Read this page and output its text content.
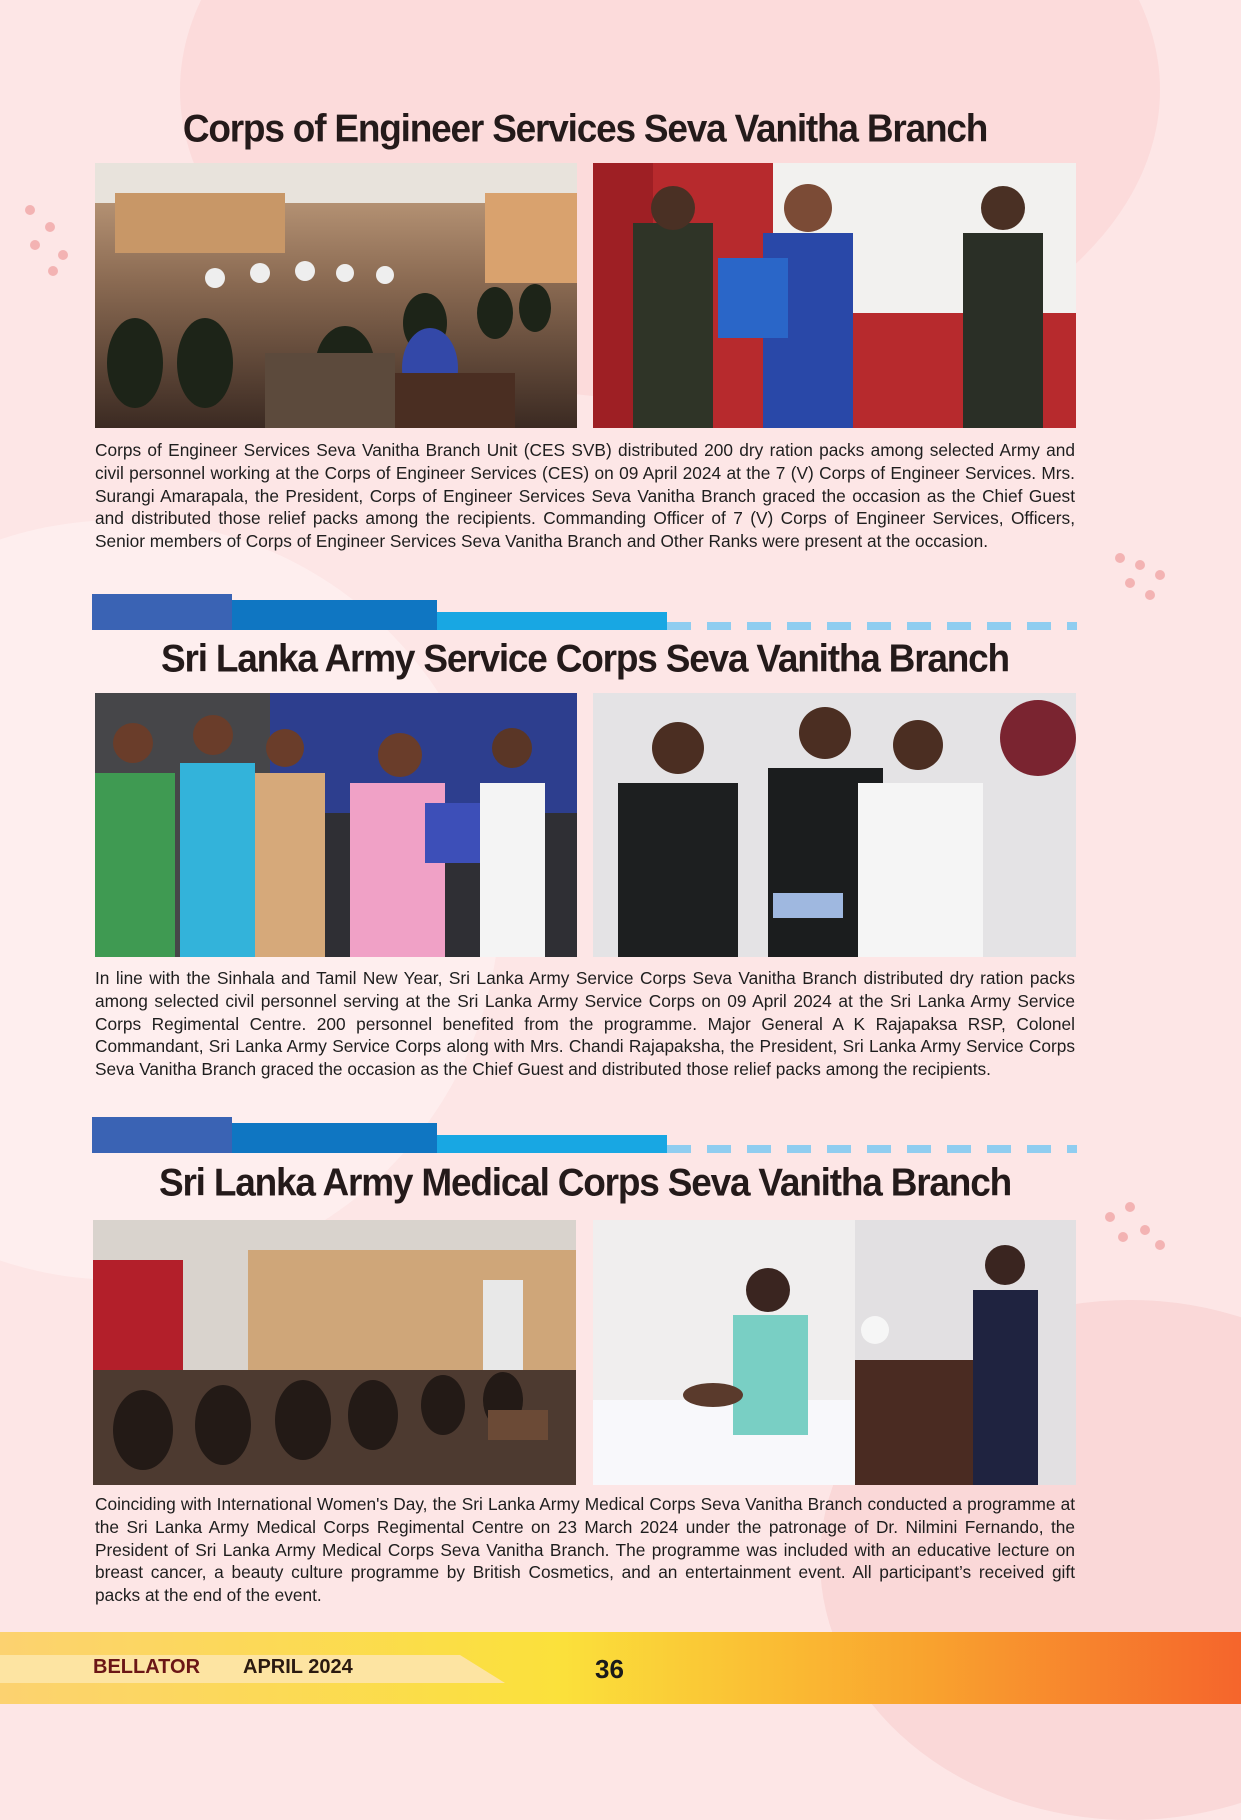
Corps of Engineer Services Seva Vanitha Branch

Corps of Engineer Services Seva Vanitha Branch Unit (CES SVB) distributed 200 dry ration packs among selected Army and civil personnel working at the Corps of Engineer Services (CES) on 09 April 2024 at the 7 (V) Corps of Engineer Services. Mrs. Surangi Amarapala, the President, Corps of Engineer Services Seva Vanitha Branch graced the occasion as the Chief Guest and distributed those relief packs among the recipients. Commanding Officer of 7 (V) Corps of Engineer Services, Officers, Senior members of Corps of Engineer Services Seva Vanitha Branch and Other Ranks were present at the occasion.

Sri Lanka Army Service Corps Seva Vanitha Branch

In line with the Sinhala and Tamil New Year, Sri Lanka Army Service Corps Seva Vanitha Branch distributed dry ration packs among selected civil personnel serving at the Sri Lanka Army Service Corps on 09 April 2024 at the Sri Lanka Army Service Corps Regimental Centre. 200 personnel benefited from the programme. Major General A K Rajapaksa RSP, Colonel Commandant, Sri Lanka Army Service Corps along with Mrs. Chandi Rajapaksha, the President, Sri Lanka Army Service Corps Seva Vanitha Branch graced the occasion as the Chief Guest and distributed those relief packs among the recipients.

Sri Lanka Army Medical Corps Seva Vanitha Branch

Coinciding with International Women's Day, the Sri Lanka Army Medical Corps Seva Vanitha Branch conducted a programme at the Sri Lanka Army Medical Corps Regimental Centre on 23 March 2024 under the patronage of Dr. Nilmini Fernando, the President of Sri Lanka Army Medical Corps Seva Vanitha Branch. The programme was included with an educative lecture on breast cancer, a beauty culture programme by British Cosmetics, and an entertainment event. All participant’s received gift packs at the end of the event.

BELLATOR APRIL 2024	36
